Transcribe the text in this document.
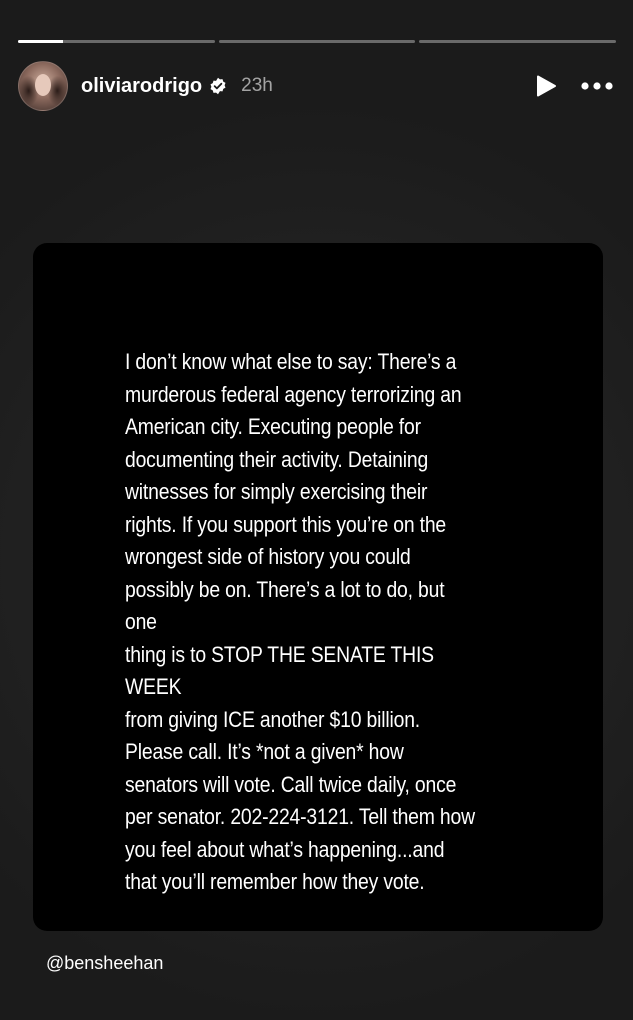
oliviarodrigo 23h
I don’t know what else to say: There’s a
murderous federal agency terrorizing an
American city. Executing people for
documenting their activity. Detaining
witnesses for simply exercising their
rights. If you support this you’re on the
wrongest side of history you could
possibly be on. There’s a lot to do, but one
thing is to STOP THE SENATE THIS WEEK
from giving ICE another $10 billion.
Please call. It’s *not a given* how
senators will vote. Call twice daily, once
per senator. 202-224-3121. Tell them how
you feel about what’s happening...and
that you’ll remember how they vote.
@bensheehan
